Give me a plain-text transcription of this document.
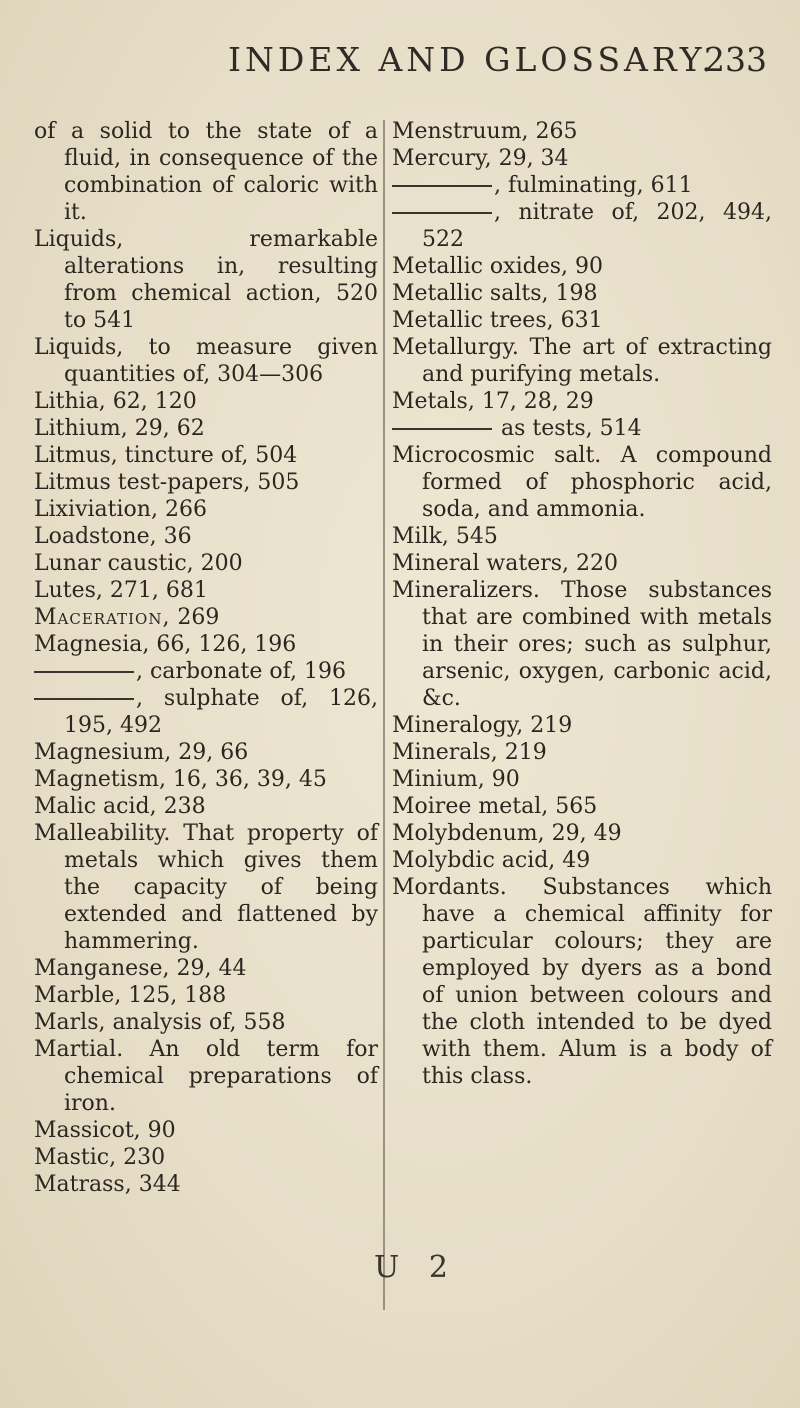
INDEX AND GLOSSARY.
233

of a solid to the state of a fluid, in consequence of the combination of caloric with it.

Liquids, remarkable alterations in, resulting from chemical action, 520 to 541

Liquids, to measure given quantities of, 304—306

Lithia, 62, 120

Lithium, 29, 62

Litmus, tincture of, 504

Litmus test-papers, 505

Lixiviation, 266

Loadstone, 36

Lunar caustic, 200

Lutes, 271, 681

Maceration, 269

Magnesia, 66, 126, 196

, carbonate of, 196

, sulphate of, 126, 195, 492

Magnesium, 29, 66

Magnetism, 16, 36, 39, 45

Malic acid, 238

Malleability. That property of metals which gives them the capacity of being extended and flattened by hammering.

Manganese, 29, 44

Marble, 125, 188

Marls, analysis of, 558

Martial. An old term for chemical preparations of iron.

Massicot, 90

Mastic, 230

Matrass, 344

Menstruum, 265

Mercury, 29, 34

, fulminating, 611

, nitrate of, 202, 494, 522

Metallic oxides, 90

Metallic salts, 198

Metallic trees, 631

Metallurgy. The art of extracting and purifying metals.

Metals, 17, 28, 29

as tests, 514

Microcosmic salt. A compound formed of phosphoric acid, soda, and ammonia.

Milk, 545

Mineral waters, 220

Mineralizers. Those substances that are combined with metals in their ores; such as sulphur, arsenic, oxygen, carbonic acid, &c.

Mineralogy, 219

Minerals, 219

Minium, 90

Moiree metal, 565

Molybdenum, 29, 49

Molybdic acid, 49

Mordants. Substances which have a chemical affinity for particular colours; they are employed by dyers as a bond of union between colours and the cloth intended to be dyed with them. Alum is a body of this class.

U 2
